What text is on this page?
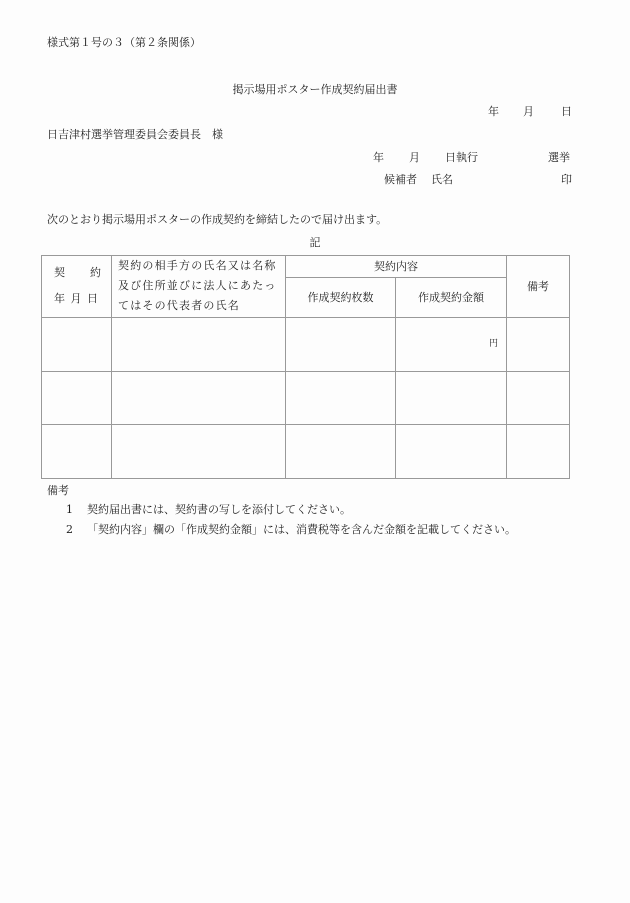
様式第１号の３（第２条関係）
掲示場用ポスター作成契約届出書
年 月 日
日吉津村選挙管理委員会委員長　様
年 月 日執行	選挙
候補者 氏名	印
次のとおり掲示場用ポスターの作成契約を締結したので届け出ます。
記
契 約
年 月 日	契約の相手方の氏名又は名称及び住所並びに法人にあたってはその代表者の氏名	契約内容		備考
		作成契約枚数	作成契約金額	

			円	

備考
1 契約届出書には、契約書の写しを添付してください。
2 「契約内容」欄の「作成契約金額」には、消費税等を含んだ金額を記載してください。
